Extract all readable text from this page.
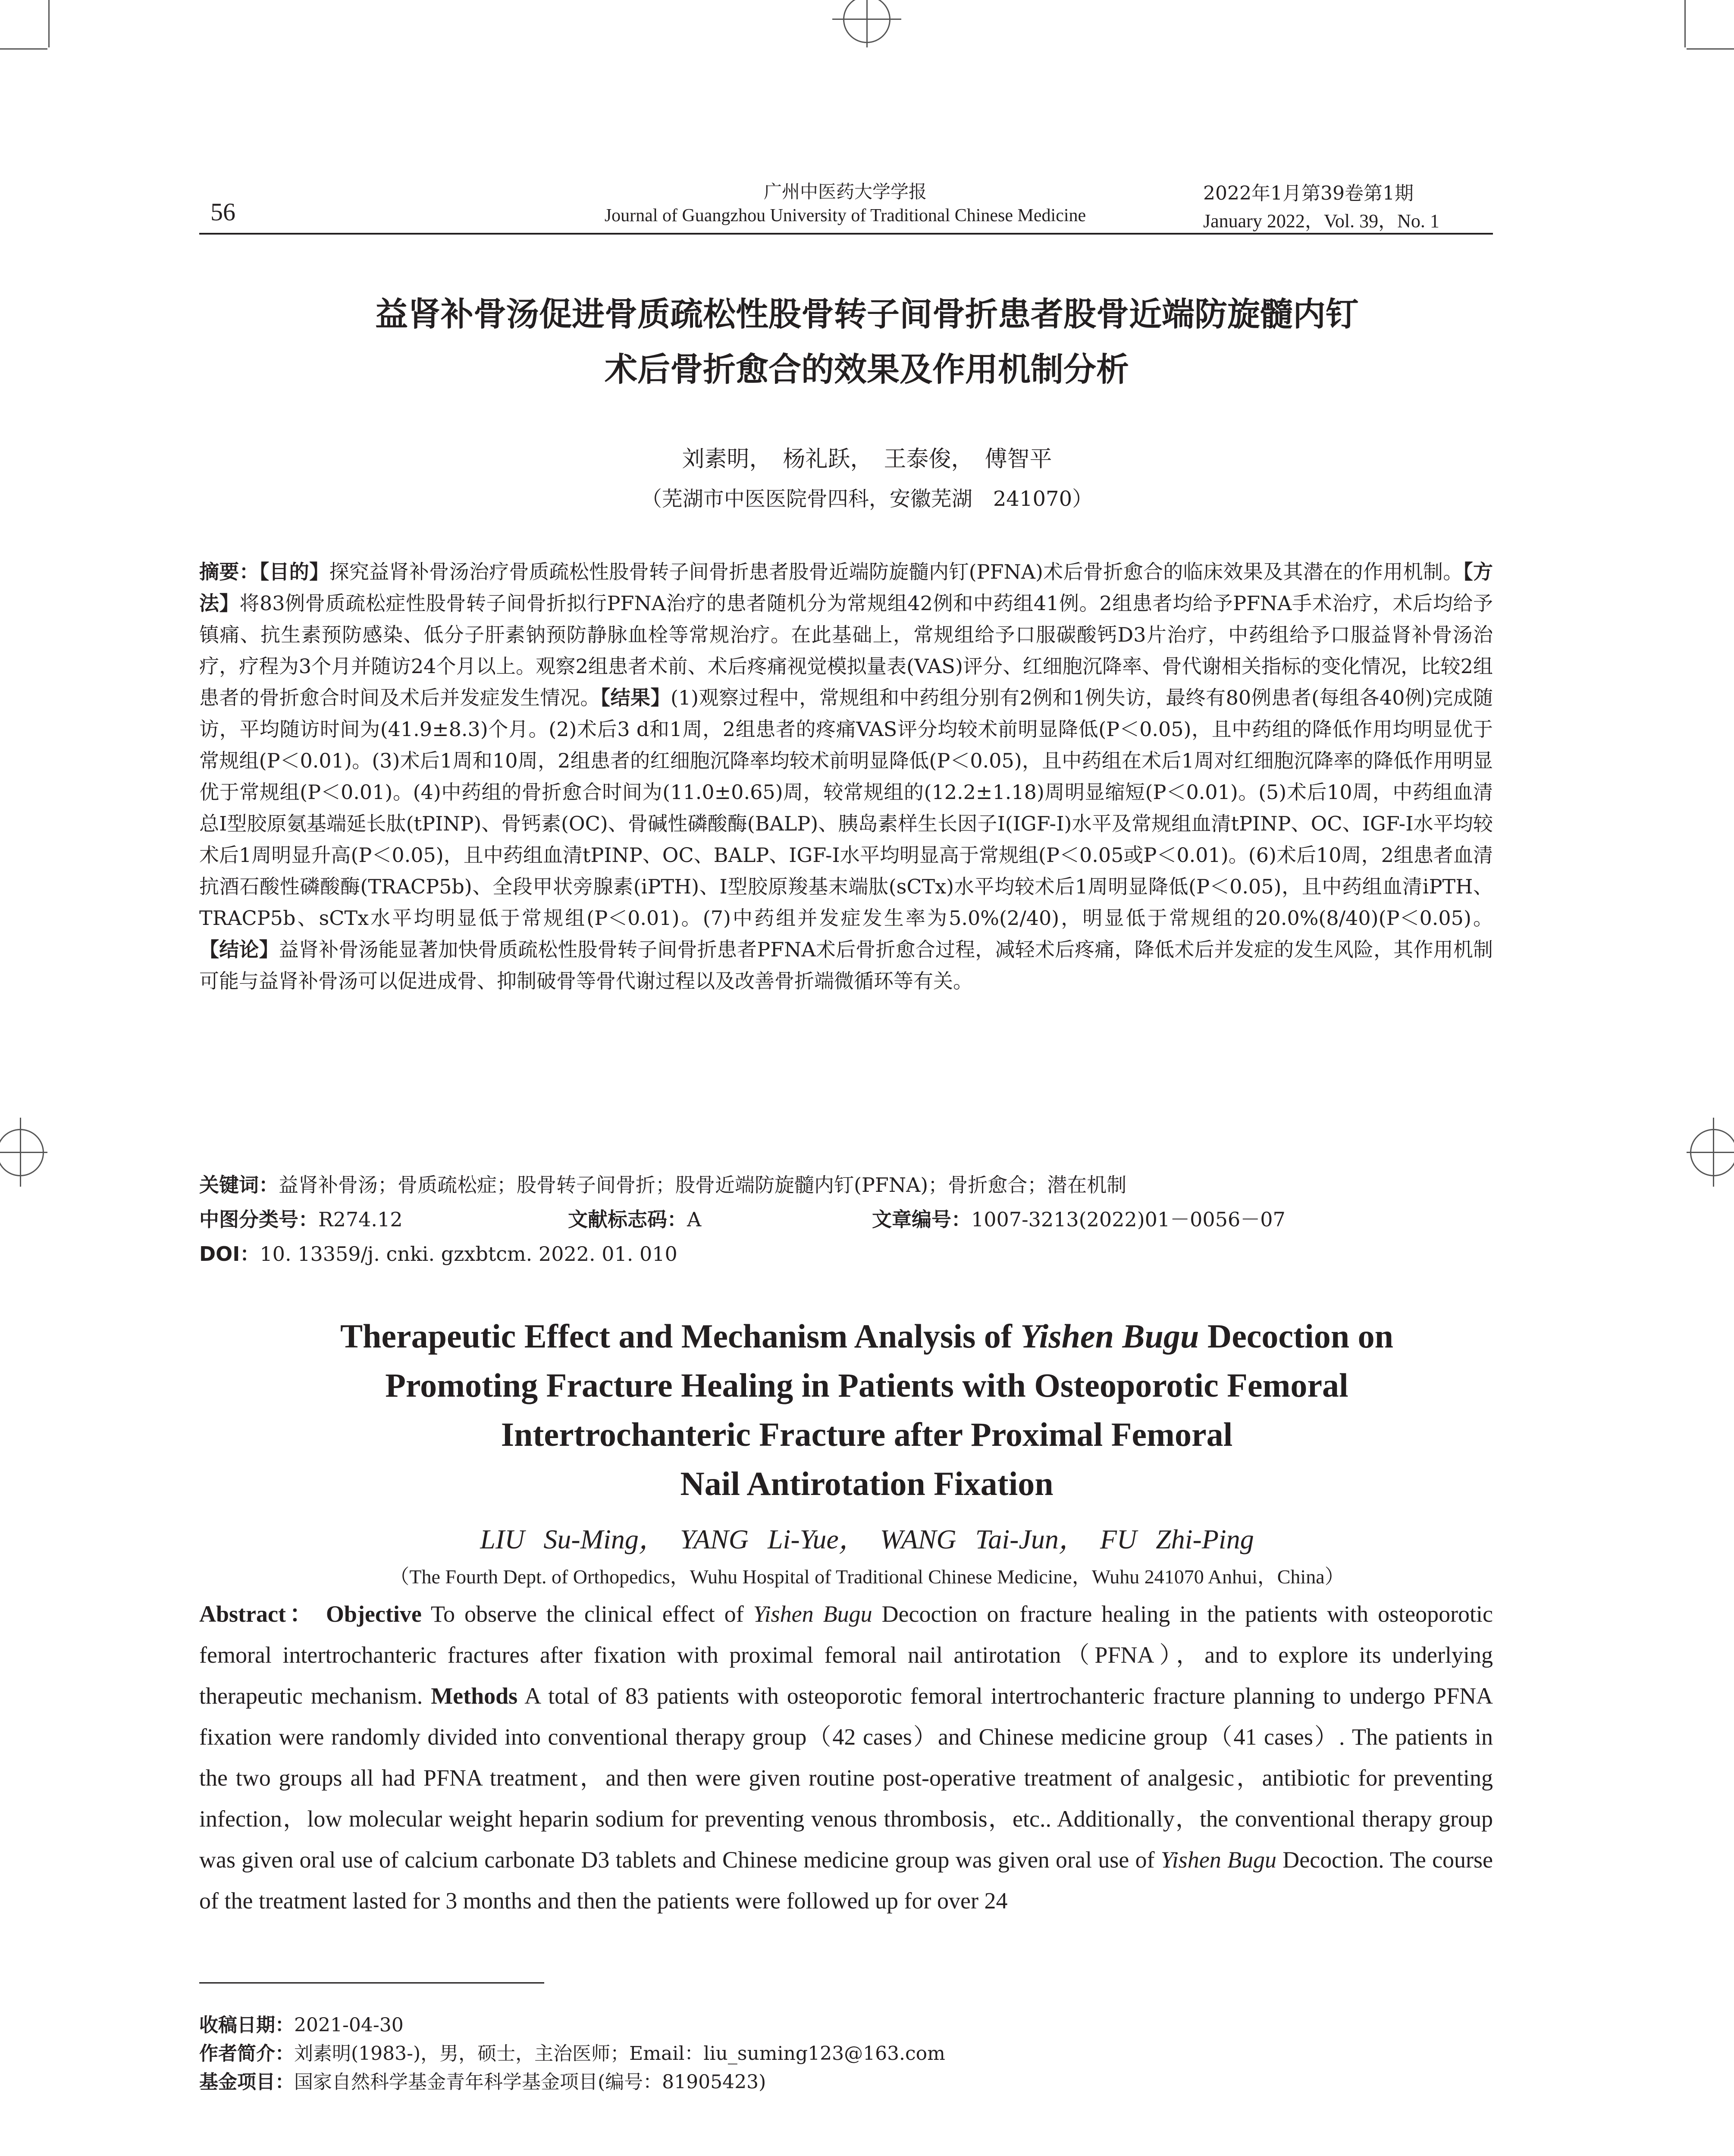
56
广州中医药大学学报
Journal of Guangzhou University of Traditional Chinese Medicine
2022年1月第39卷第1期
January 2022，Vol. 39，No. 1
益肾补骨汤促进骨质疏松性股骨转子间骨折患者股骨近端防旋髓内钉
术后骨折愈合的效果及作用机制分析
刘素明，　杨礼跃，　王泰俊，　傅智平
（芜湖市中医医院骨四科，安徽芜湖　241070）
摘要：【目的】探究益肾补骨汤治疗骨质疏松性股骨转子间骨折患者股骨近端防旋髓内钉(PFNA)术后骨折愈合的临床效果及其潜在的作用机制。【方法】将83例骨质疏松症性股骨转子间骨折拟行PFNA治疗的患者随机分为常规组42例和中药组41例。2组患者均给予PFNA手术治疗，术后均给予镇痛、抗生素预防感染、低分子肝素钠预防静脉血栓等常规治疗。在此基础上，常规组给予口服碳酸钙D3片治疗，中药组给予口服益肾补骨汤治疗，疗程为3个月并随访24个月以上。观察2组患者术前、术后疼痛视觉模拟量表(VAS)评分、红细胞沉降率、骨代谢相关指标的变化情况，比较2组患者的骨折愈合时间及术后并发症发生情况。【结果】(1)观察过程中，常规组和中药组分别有2例和1例失访，最终有80例患者(每组各40例)完成随访，平均随访时间为(41.9±8.3)个月。(2)术后3 d和1周，2组患者的疼痛VAS评分均较术前明显降低(P＜0.05)，且中药组的降低作用均明显优于常规组(P＜0.01)。(3)术后1周和10周，2组患者的红细胞沉降率均较术前明显降低(P＜0.05)，且中药组在术后1周对红细胞沉降率的降低作用明显优于常规组(P＜0.01)。(4)中药组的骨折愈合时间为(11.0±0.65)周，较常规组的(12.2±1.18)周明显缩短(P＜0.01)。(5)术后10周，中药组血清总Ⅰ型胶原氨基端延长肽(tPINP)、骨钙素(OC)、骨碱性磷酸酶(BALP)、胰岛素样生长因子Ⅰ(IGF-Ⅰ)水平及常规组血清tPINP、OC、IGF-Ⅰ水平均较术后1周明显升高(P＜0.05)，且中药组血清tPINP、OC、BALP、IGF-Ⅰ水平均明显高于常规组(P＜0.05或P＜0.01)。(6)术后10周，2组患者血清抗酒石酸性磷酸酶(TRACP5b)、全段甲状旁腺素(iPTH)、Ⅰ型胶原羧基末端肽(sCTx)水平均较术后1周明显降低(P＜0.05)，且中药组血清iPTH、TRACP5b、sCTx水平均明显低于常规组(P＜0.01)。(7)中药组并发症发生率为5.0%(2/40)，明显低于常规组的20.0%(8/40)(P＜0.05)。【结论】益肾补骨汤能显著加快骨质疏松性股骨转子间骨折患者PFNA术后骨折愈合过程，减轻术后疼痛，降低术后并发症的发生风险，其作用机制可能与益肾补骨汤可以促进成骨、抑制破骨等骨代谢过程以及改善骨折端微循环等有关。
关键词：益肾补骨汤；骨质疏松症；股骨转子间骨折；股骨近端防旋髓内钉(PFNA)；骨折愈合；潜在机制
中图分类号：R274.12	文献标志码：A	文章编号：1007-3213(2022)01－0056－07
DOI：10. 13359/j. cnki. gzxbtcm. 2022. 01. 010
Therapeutic Effect and Mechanism Analysis of Yishen Bugu Decoction on
Promoting Fracture Healing in Patients with Osteoporotic Femoral
Intertrochanteric Fracture after Proximal Femoral
Nail Antirotation Fixation
LIU Su-Ming，　YANG Li-Yue，　WANG Tai-Jun，　FU Zhi-Ping
（The Fourth Dept. of Orthopedics，Wuhu Hospital of Traditional Chinese Medicine，Wuhu 241070 Anhui，China）
Abstract： Objective To observe the clinical effect of Yishen Bugu Decoction on fracture healing in the patients with osteoporotic femoral intertrochanteric fractures after fixation with proximal femoral nail antirotation（PFNA），and to explore its underlying therapeutic mechanism. Methods A total of 83 patients with osteoporotic femoral intertrochanteric fracture planning to undergo PFNA fixation were randomly divided into conventional therapy group（42 cases）and Chinese medicine group（41 cases）. The patients in the two groups all had PFNA treatment，and then were given routine post-operative treatment of analgesic，antibiotic for preventing infection，low molecular weight heparin sodium for preventing venous thrombosis，etc.. Additionally，the conventional therapy group was given oral use of calcium carbonate D3 tablets and Chinese medicine group was given oral use of Yishen Bugu Decoction. The course of the treatment lasted for 3 months and then the patients were followed up for over 24
收稿日期：2021-04-30
作者简介：刘素明(1983-)，男，硕士，主治医师；Email：liu_suming123@163.com
基金项目：国家自然科学基金青年科学基金项目(编号：81905423)
